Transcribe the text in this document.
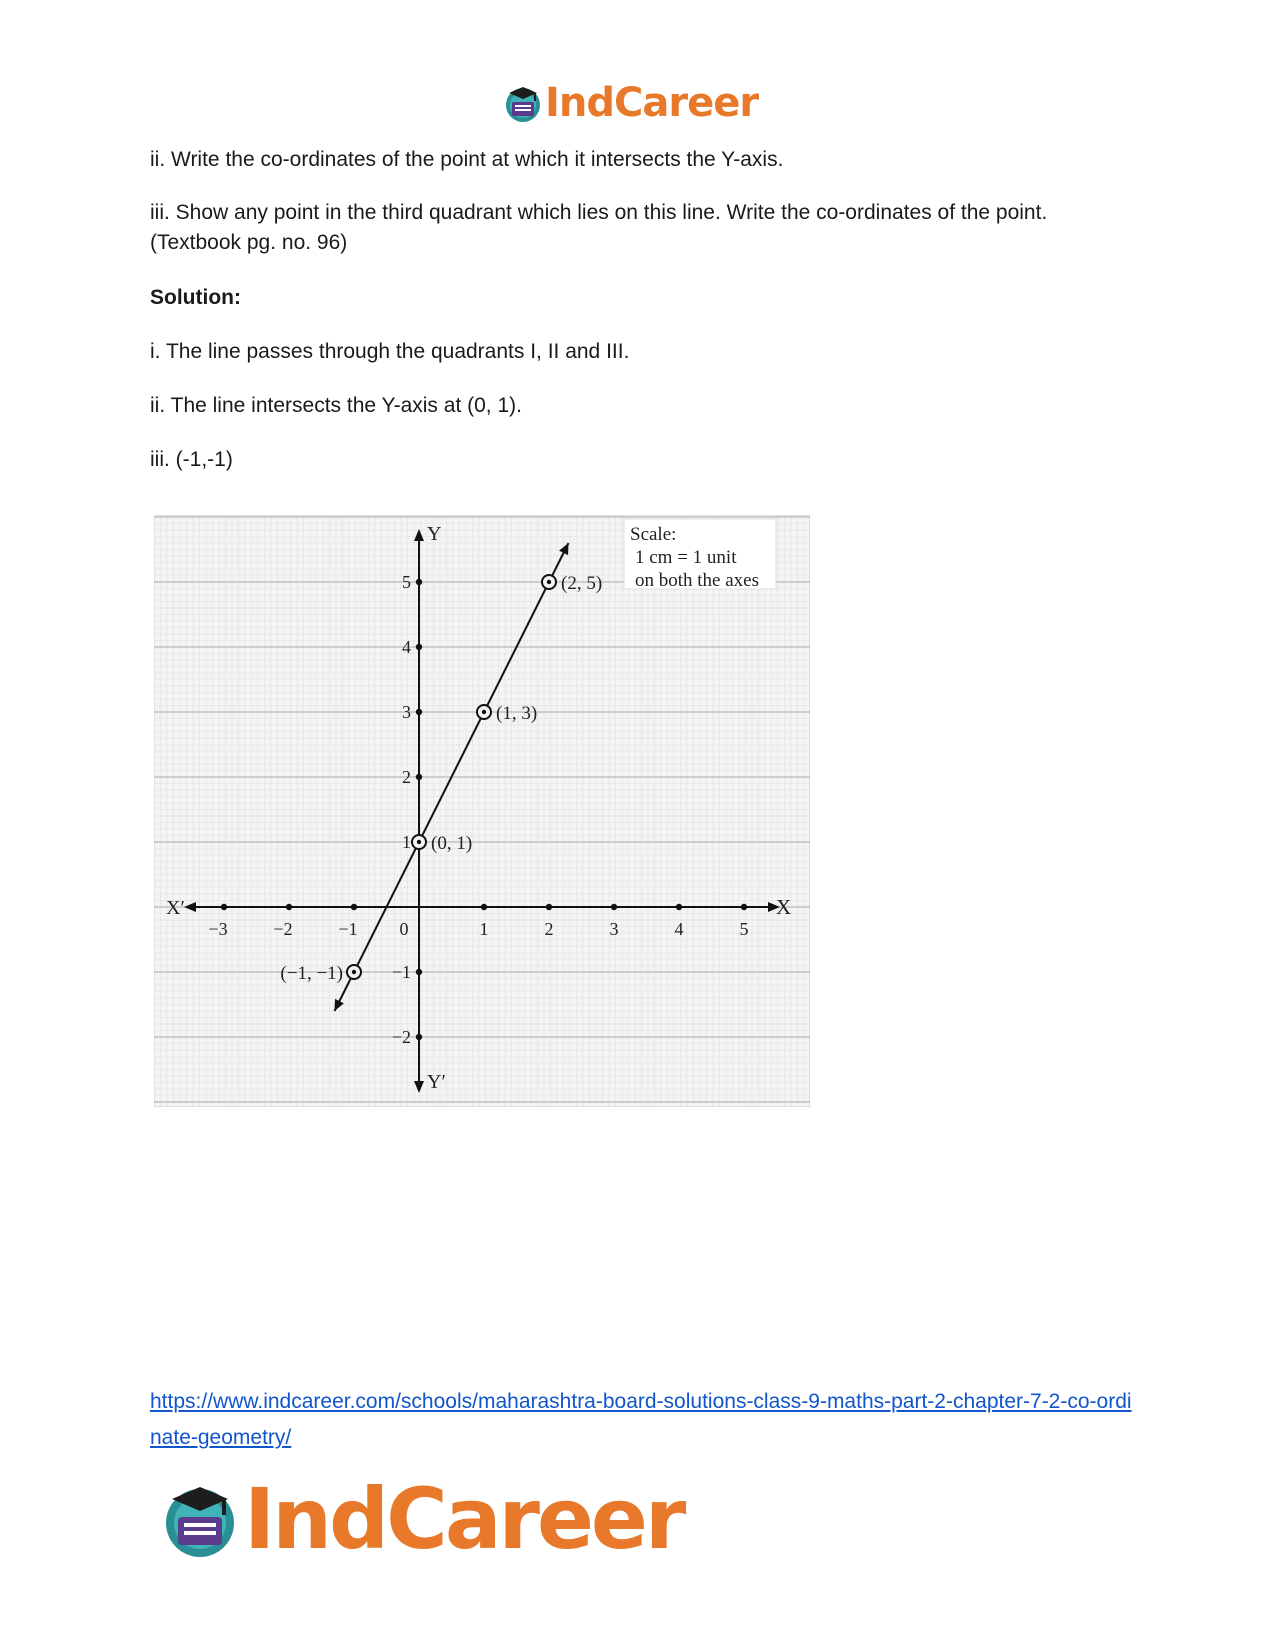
IndCareer

ii. Write the co-ordinates of the point at which it intersects the Y-axis.

iii. Show any point in the third quadrant which lies on this line. Write the co-ordinates of the point. (Textbook pg. no. 96)

Solution:

i. The line passes through the quadrants I, II and III.

ii. The line intersects the Y-axis at (0, 1).

iii. (-1,-1)

X
X′
Y
Y′
−3	−2	−1 0	1	2	3	4	5
−2
−1
1
2
3
4
5	(2, 5)
(1, 3)
(0, 1)
(−1, −1)
Scale:
1 cm = 1 unit
on both the axes
https://www.indcareer.com/schools/maharashtra-board-solutions-class-9-maths-part-2-chapter-7-2-co-ordinate-geometry/
IndCareer
